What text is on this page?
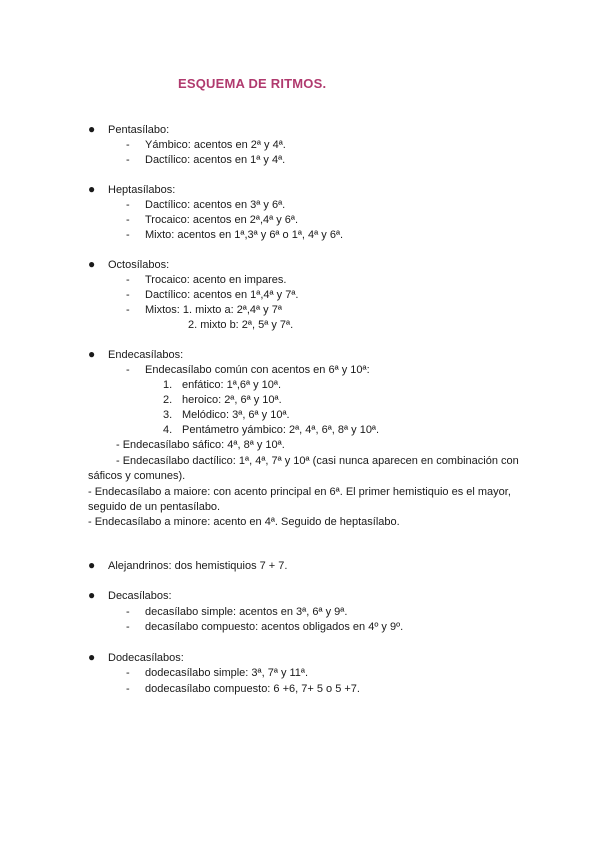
ESQUEMA DE RITMOS.
● Pentasílabo:
- Yámbico: acentos en 2ª y 4ª.
- Dactílico: acentos en 1ª y 4ª.
● Heptasílabos:
- Dactílico: acentos en 3ª y 6ª.
- Trocaico: acentos en 2ª,4ª y 6ª.
- Mixto: acentos en 1ª,3ª y 6ª o 1ª, 4ª y 6ª.
● Octosílabos:
- Trocaico: acento en impares.
- Dactílico: acentos en 1ª,4ª y 7ª.
- Mixtos: 1. mixto a: 2ª,4ª y 7ª
2. mixto b: 2ª, 5ª y 7ª.
● Endecasílabos:
- Endecasílabo común con acentos en 6ª y 10ª:
1. enfático: 1ª,6ª y 10ª.
2. heroico: 2ª, 6ª y 10ª.
3. Melódico: 3ª, 6ª y 10ª.
4. Pentámetro yámbico: 2ª, 4ª, 6ª, 8ª y 10ª.
- Endecasílabo sáfico: 4ª, 8ª y 10ª.
- Endecasílabo dactílico: 1ª, 4ª, 7ª y 10ª (casi nunca aparecen en combinación con
sáficos y comunes).
- Endecasílabo a maiore: con acento principal en 6ª. El primer hemistiquio es el mayor,
seguido de un pentasílabo.
- Endecasílabo a minore: acento en 4ª. Seguido de heptasílabo.
● Alejandrinos: dos hemistiquios 7 + 7.
● Decasílabos:
- decasílabo simple: acentos en 3ª, 6ª y 9ª.
- decasílabo compuesto: acentos obligados en 4º y 9º.
● Dodecasílabos:
- dodecasílabo simple: 3ª, 7ª y 11ª.
- dodecasílabo compuesto: 6 +6, 7+ 5 o 5 +7.
